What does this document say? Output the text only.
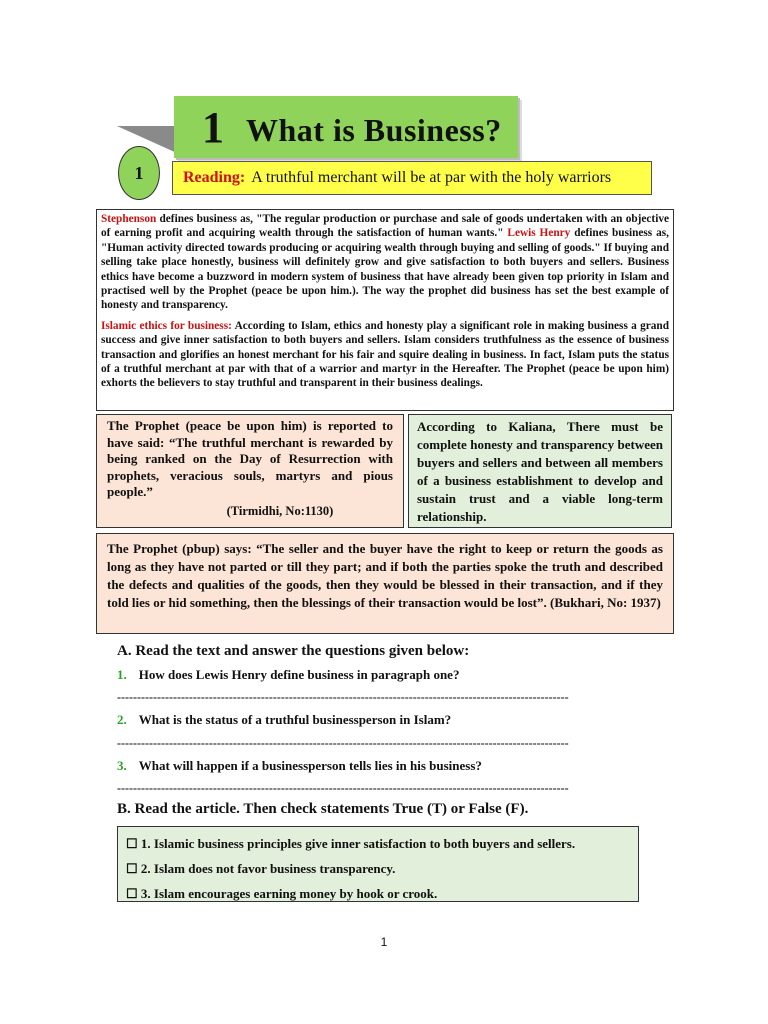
1 What is Business?
1 Reading: A truthful merchant will be at par with the holy warriors

Stephenson defines business as, "The regular production or purchase and sale of goods undertaken with an objective of earning profit and acquiring wealth through the satisfaction of human wants." Lewis Henry defines business as, "Human activity directed towards producing or acquiring wealth through buying and selling of goods." If buying and selling take place honestly, business will definitely grow and give satisfaction to both buyers and sellers. Business ethics have become a buzzword in modern system of business that have already been given top priority in Islam and practised well by the Prophet (peace be upon him.). The way the prophet did business has set the best example of honesty and transparency.

Islamic ethics for business: According to Islam, ethics and honesty play a significant role in making business a grand success and give inner satisfaction to both buyers and sellers. Islam considers truthfulness as the essence of business transaction and glorifies an honest merchant for his fair and squire dealing in business. In fact, Islam puts the status of a truthful merchant at par with that of a warrior and martyr in the Hereafter. The Prophet (peace be upon him) exhorts the believers to stay truthful and transparent in their business dealings.

The Prophet (peace be upon him) is reported to have said: “The truthful merchant is rewarded by being ranked on the Day of Resurrection with prophets, veracious souls, martyrs and pious people.”
(Tirmidhi, No:1130)
According to Kaliana, There must be complete honesty and transparency between buyers and sellers and between all members of a business establishment to develop and sustain trust and a viable long-term relationship.
The Prophet (pbup) says: “The seller and the buyer have the right to keep or return the goods as long as they have not parted or till they part; and if both the parties spoke the truth and described the defects and qualities of the goods, then they would be blessed in their transaction, and if they told lies or hid something, then the blessings of their transaction would be lost”. (Bukhari, No: 1937)
A. Read the text and answer the questions given below:
1. How does Lewis Henry define business in paragraph one?
-----------------------------------------------------------------------------------------------------------------
2. What is the status of a truthful businessperson in Islam?
-----------------------------------------------------------------------------------------------------------------
3. What will happen if a businessperson tells lies in his business?
-----------------------------------------------------------------------------------------------------------------
B. Read the article. Then check statements True (T) or False (F).
☐ 1. Islamic business principles give inner satisfaction to both buyers and sellers.
☐ 2. Islam does not favor business transparency.
☐ 3. Islam encourages earning money by hook or crook.
1
